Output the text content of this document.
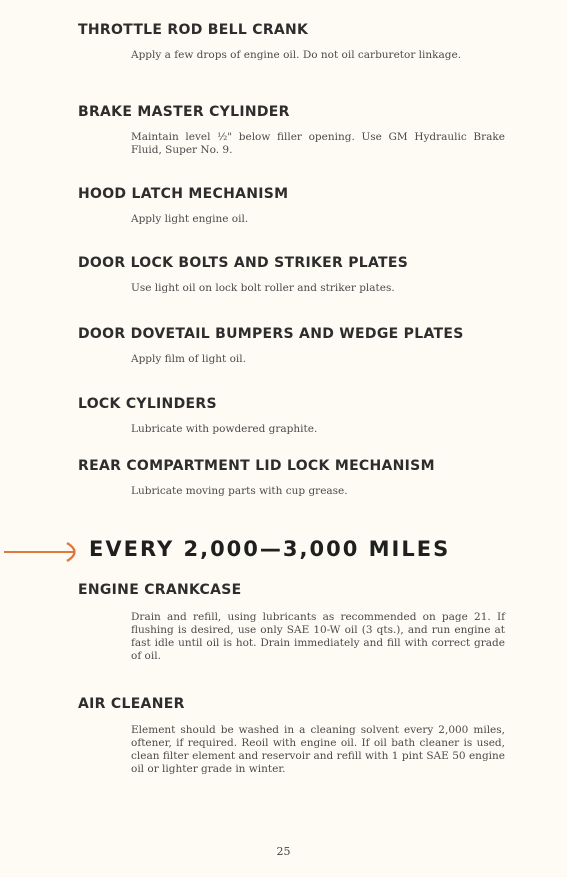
THROTTLE ROD BELL CRANK
Apply a few drops of engine oil. Do not oil carburetor linkage.
BRAKE MASTER CYLINDER
Maintain level ½" below filler opening. Use GM Hydraulic Brake Fluid, Super No. 9.
HOOD LATCH MECHANISM
Apply light engine oil.
DOOR LOCK BOLTS AND STRIKER PLATES
Use light oil on lock bolt roller and striker plates.
DOOR DOVETAIL BUMPERS AND WEDGE PLATES
Apply film of light oil.
LOCK CYLINDERS
Lubricate with powdered graphite.
REAR COMPARTMENT LID LOCK MECHANISM
Lubricate moving parts with cup grease.
EVERY 2,000—3,000 MILES
ENGINE CRANKCASE
Drain and refill, using lubricants as recommended on page 21. If flushing is desired, use only SAE 10-W oil (3 qts.), and run engine at fast idle until oil is hot. Drain immediately and fill with correct grade of oil.
AIR CLEANER
Element should be washed in a cleaning solvent every 2,000 miles, oftener, if required. Reoil with engine oil. If oil bath cleaner is used, clean filter element and reservoir and refill with 1 pint SAE 50 engine oil or lighter grade in winter.
25
